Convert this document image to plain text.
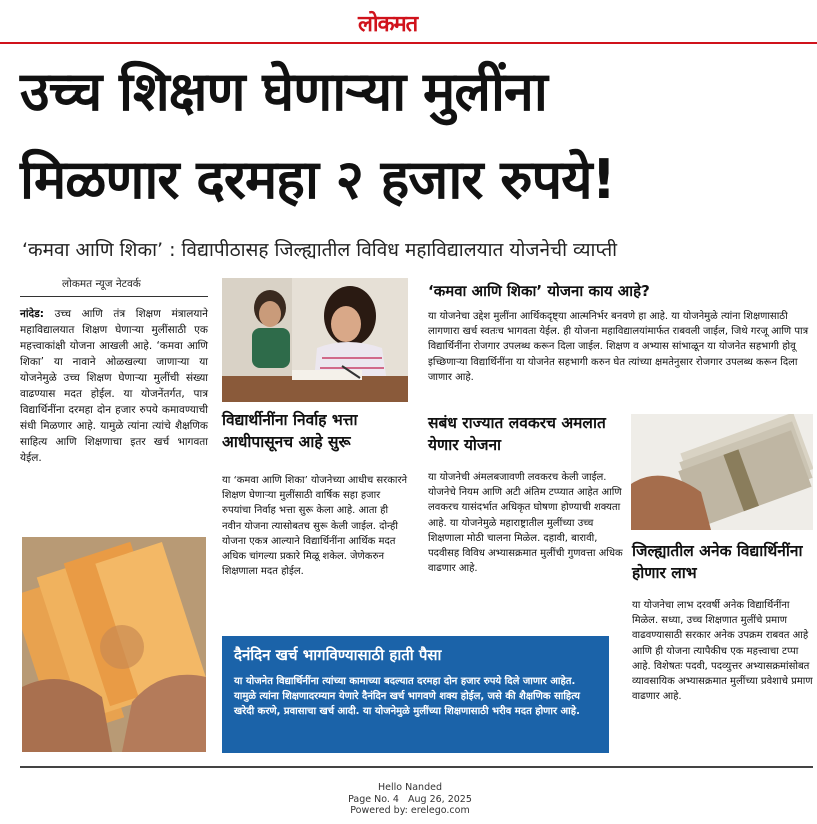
लोकमत
उच्च शिक्षण घेणाऱ्या मुलींना
मिळणार दरमहा २ हजार रुपये!
‘कमवा आणि शिका’ : विद्यापीठासह जिल्ह्यातील विविध महाविद्यालयात योजनेची व्याप्ती
लोकमत न्यूज नेटवर्क
नांदेड: उच्च आणि तंत्र शिक्षण मंत्रालयाने महाविद्यालयात शिक्षण घेणाऱ्या मुलींसाठी एक महत्त्वाकांक्षी योजना आखली आहे. ‘कमवा आणि शिका’ या नावाने ओळखल्या जाणाऱ्या या योजनेमुळे उच्च शिक्षण घेणाऱ्या मुलींची संख्या वाढण्यास मदत होईल. या योजनेंतर्गत, पात्र विद्यार्थिनींना दरमहा दोन हजार रुपये कमावण्याची संधी मिळणार आहे. यामुळे त्यांना त्यांचे शैक्षणिक साहित्य आणि शिक्षणाचा इतर खर्च भागवता येईल.
विद्यार्थीनींना निर्वाह भत्ता आधीपासूनच आहे सुरू
या ‘कमवा आणि शिका’ योजनेच्या आधीच सरकारने शिक्षण घेणाऱ्या मुलींसाठी वार्षिक सहा हजार रुपयांचा निर्वाह भत्ता सुरू केला आहे. आता ही नवीन योजना त्यासोबतच सुरू केली जाईल. दोन्ही योजना एकत्र आल्याने विद्यार्थिनींना आर्थिक मदत अधिक चांगल्या प्रकारे मिळू शकेल. जेणेकरुन शिक्षणाला मदत होईल.
‘कमवा आणि शिका’ योजना काय आहे?
या योजनेचा उद्देश मुलींना आर्थिकदृष्ट्या आत्मनिर्भर बनवणे हा आहे. या योजनेमुळे त्यांना शिक्षणासाठी लागणारा खर्च स्वतःच भागवता येईल. ही योजना महाविद्यालयांमार्फत राबवली जाईल, जिथे गरजू आणि पात्र विद्यार्थिनींना रोजगार उपलब्ध करून दिला जाईल. शिक्षण व अभ्यास सांभाळून या योजनेत सहभागी होवू इच्छिणाऱ्या विद्यार्थिनींना या योजनेत सहभागी करुन घेत त्यांच्या क्षमतेनुसार रोजगार उपलब्ध करून दिला जाणार आहे.
सबंध राज्यात लवकरच अमलात येणार योजना
या योजनेची अंमलबजावणी लवकरच केली जाईल. योजनेचे नियम आणि अटी अंतिम टप्प्यात आहेत आणि लवकरच यासंदर्भात अधिकृत घोषणा होण्याची शक्यता आहे. या योजनेमुळे महाराष्ट्रातील मुलींच्या उच्च शिक्षणाला मोठी चालना मिळेल. दहावी, बारावी, पदवीसह विविध अभ्यासक्रमात मुलींची गुणवत्ता अधिक वाढणार आहे.
जिल्ह्यातील अनेक विद्यार्थिनींना होणार लाभ
या योजनेचा लाभ दरवर्षी अनेक विद्यार्थिनींना मिळेल. सध्या, उच्च शिक्षणात मुलींचे प्रमाण वाढवण्यासाठी सरकार अनेक उपक्रम राबवत आहे आणि ही योजना त्यापैकीच एक महत्त्वाचा टप्पा आहे. विशेषतः पदवी, पदव्युत्तर अभ्यासक्रमांसोबत व्यावसायिक अभ्यासक्रमात मुलींच्या प्रवेशाचे प्रमाण वाढणार आहे.
दैनंदिन खर्च भागविण्यासाठी हाती पैसा
या योजनेत विद्यार्थिनींना त्यांच्या कामाच्या बदल्यात दरमहा दोन हजार रुपये दिले जाणार आहेत. यामुळे त्यांना शिक्षणादरम्यान येणारे दैनंदिन खर्च भागवणे शक्य होईल, जसे की शैक्षणिक साहित्य खरेदी करणे, प्रवासाचा खर्च आदी. या योजनेमुळे मुलींच्या शिक्षणासाठी भरीव मदत होणार आहे.
Hello Nanded
Page No. 4 Aug 26, 2025
Powered by: erelego.com
